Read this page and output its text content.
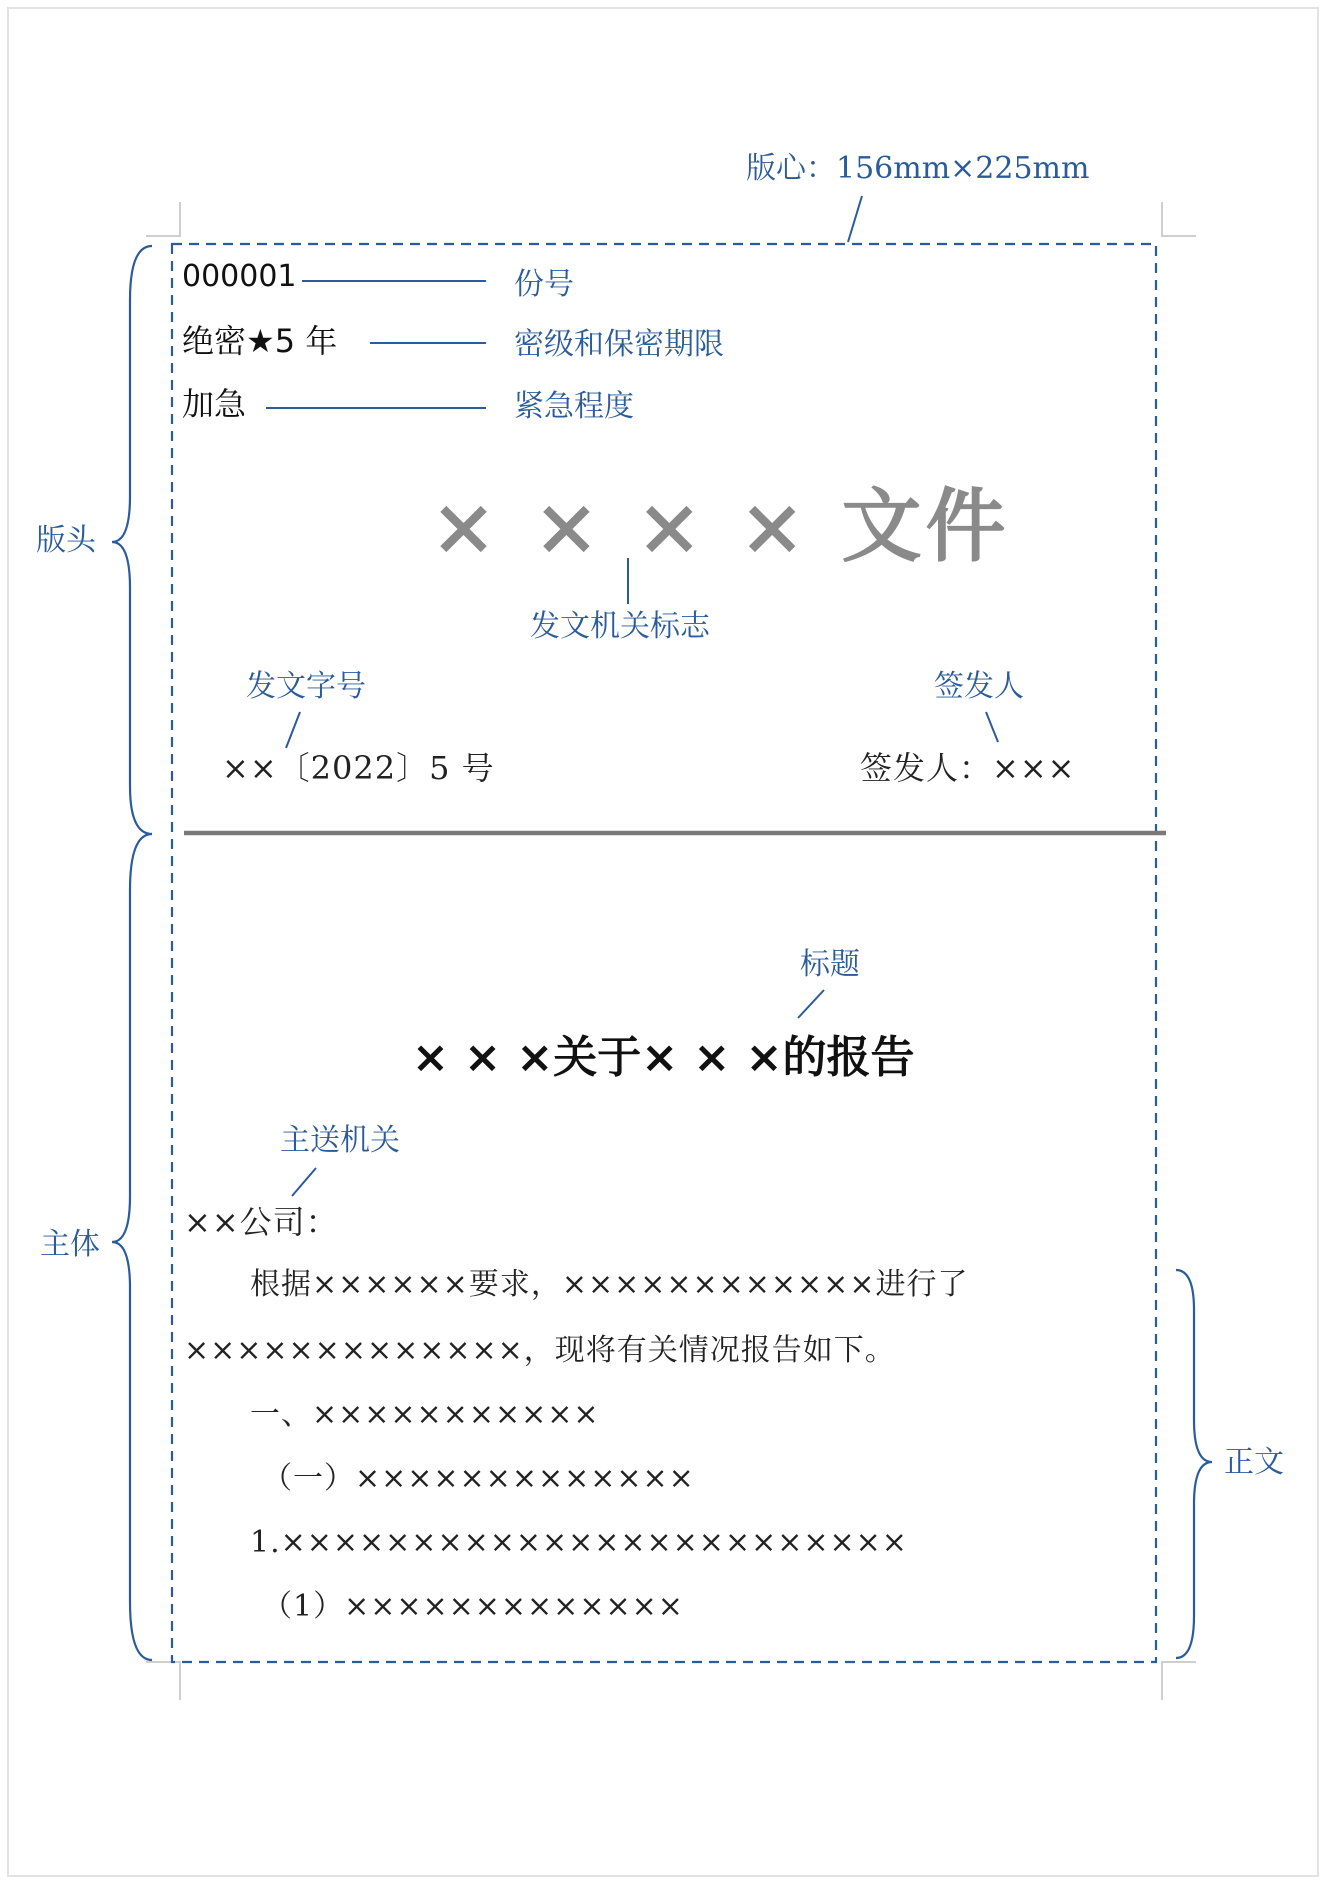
版心：156mm×225mm
份号
密级和保密期限
紧急程度
发文机关标志
发文字号	签发人
标题
主送机关
版头
主体
正文
000001
绝密★5 年
加急
× × × × 文件
××〔2022〕5 号	签发人：×××
× × ×关于× × ×的报告
××公司：
根据××××××要求，××××××××××××进行了
×××××××××××××，现将有关情况报告如下。
一、×××××××××××
（一）×××××××××××××
1.××××××××××××××××××××××××
（1）×××××××××××××
